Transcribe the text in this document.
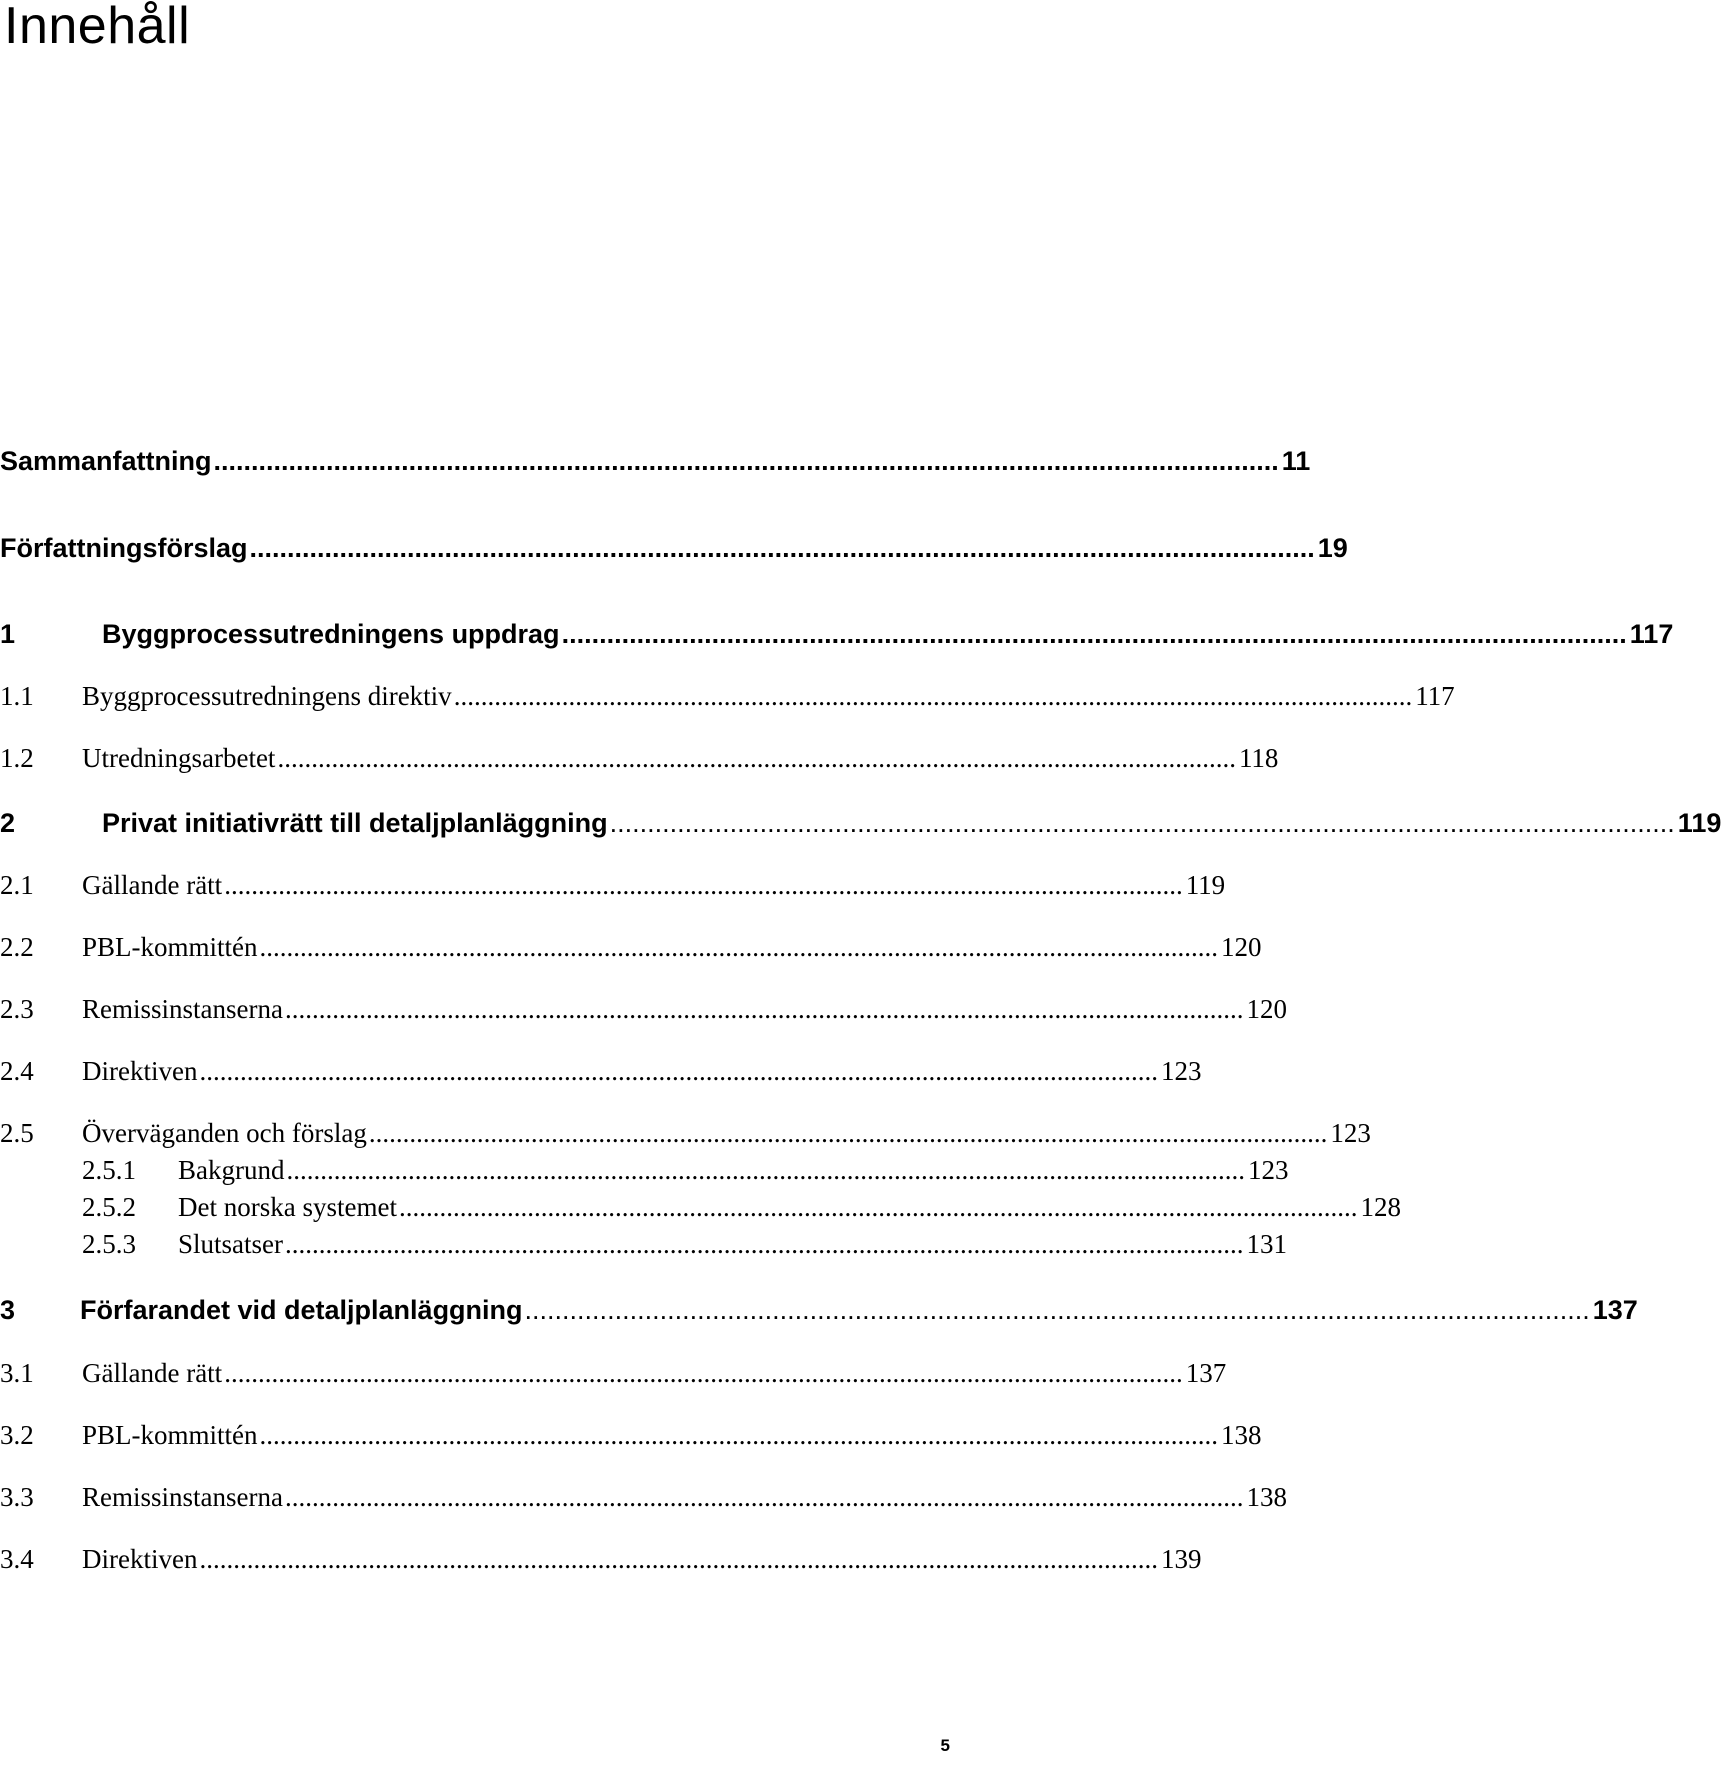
Innehåll
Sammanfattning .............................................................................................................................................. 11
Författningsförslag .............................................................................................................................................. 19
1	Byggprocessutredningens uppdrag .............................................................................................................................................. 117
1.1	Byggprocessutredningens direktiv .............................................................................................................................................. 117
1.2	Utredningsarbetet .............................................................................................................................................. 118
2	Privat initiativrätt till detaljplanläggning .............................................................................................................................................. 119
2.1	Gällande rätt .............................................................................................................................................. 119
2.2	PBL-kommittén .............................................................................................................................................. 120
2.3	Remissinstanserna .............................................................................................................................................. 120
2.4	Direktiven .............................................................................................................................................. 123
2.5	Överväganden och förslag .............................................................................................................................................. 123
2.5.1	Bakgrund .............................................................................................................................................. 123
2.5.2	Det norska systemet .............................................................................................................................................. 128
2.5.3	Slutsatser .............................................................................................................................................. 131
3	Förfarandet vid detaljplanläggning .............................................................................................................................................. 137
3.1	Gällande rätt .............................................................................................................................................. 137
3.2	PBL-kommittén .............................................................................................................................................. 138
3.3	Remissinstanserna .............................................................................................................................................. 138
3.4	Direktiven .............................................................................................................................................. 139
5
